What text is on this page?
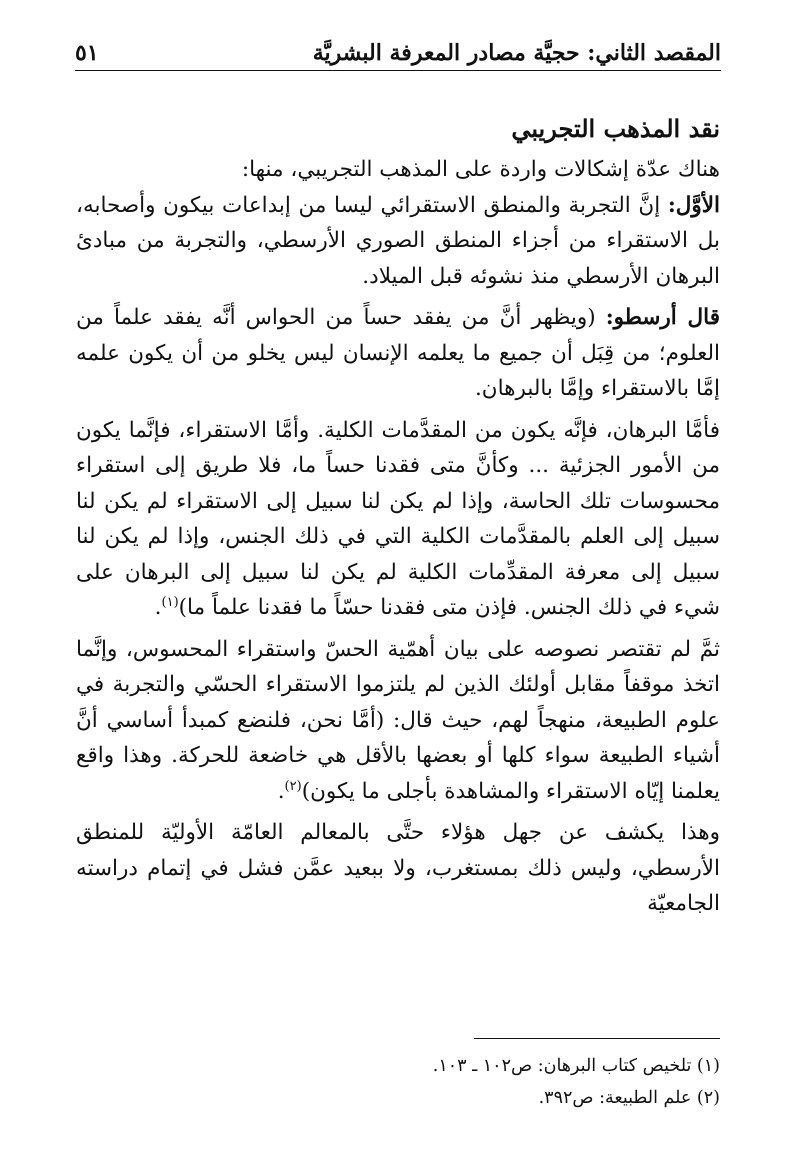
المقصد الثاني: حجيَّة مصادر المعرفة البشريَّة
٥١
نقد المذهب التجريبي

هناك عدّة إشكالات واردة على المذهب التجريبي، منها:

الأوَّل: إنَّ التجربة والمنطق الاستقرائي ليسا من إبداعات بيكون وأصحابه، بل الاستقراء من أجزاء المنطق الصوري الأرسطي، والتجربة من مبادئ البرهان الأرسطي منذ نشوئه قبل الميلاد.

قال أرسطو: (ويظهر أنَّ من يفقد حساً من الحواس أنَّه يفقد علماً من العلوم؛ من قِبَل أن جميع ما يعلمه الإنسان ليس يخلو من أن يكون علمه إمَّا بالاستقراء وإمَّا بالبرهان.

فأمَّا البرهان، فإنَّه يكون من المقدَّمات الكلية. وأمَّا الاستقراء، فإنَّما يكون من الأمور الجزئية ... وكأنَّ متى فقدنا حساً ما، فلا طريق إلى استقراء محسوسات تلك الحاسة، وإذا لم يكن لنا سبيل إلى الاستقراء لم يكن لنا سبيل إلى العلم بالمقدَّمات الكلية التي في ذلك الجنس، وإذا لم يكن لنا سبيل إلى معرفة المقدِّمات الكلية لم يكن لنا سبيل إلى البرهان على شيء في ذلك الجنس. فإذن متى فقدنا حسّاً ما فقدنا علماً ما)$^{(١)}$.

ثمَّ لم تقتصر نصوصه على بيان أهمّية الحسّ واستقراء المحسوس، وإنَّما اتخذ موقفاً مقابل أولئك الذين لم يلتزموا الاستقراء الحسّي والتجربة في علوم الطبيعة، منهجاً لهم، حيث قال: (أمَّا نحن، فلنضع كمبدأ أساسي أنَّ أشياء الطبيعة سواء كلها أو بعضها بالأقل هي خاضعة للحركة. وهذا واقع يعلمنا إيّاه الاستقراء والمشاهدة بأجلى ما يكون)$^{(٢)}$.

وهذا يكشف عن جهل هؤلاء حتَّى بالمعالم العامّة الأوليّة للمنطق الأرسطي، وليس ذلك بمستغرب، ولا ببعيد عمَّن فشل في إتمام دراسته الجامعيّة

(١) تلخيص كتاب البرهان: ص١٠٢ ـ ١٠٣.

(٢) علم الطبيعة: ص٣٩٢.
